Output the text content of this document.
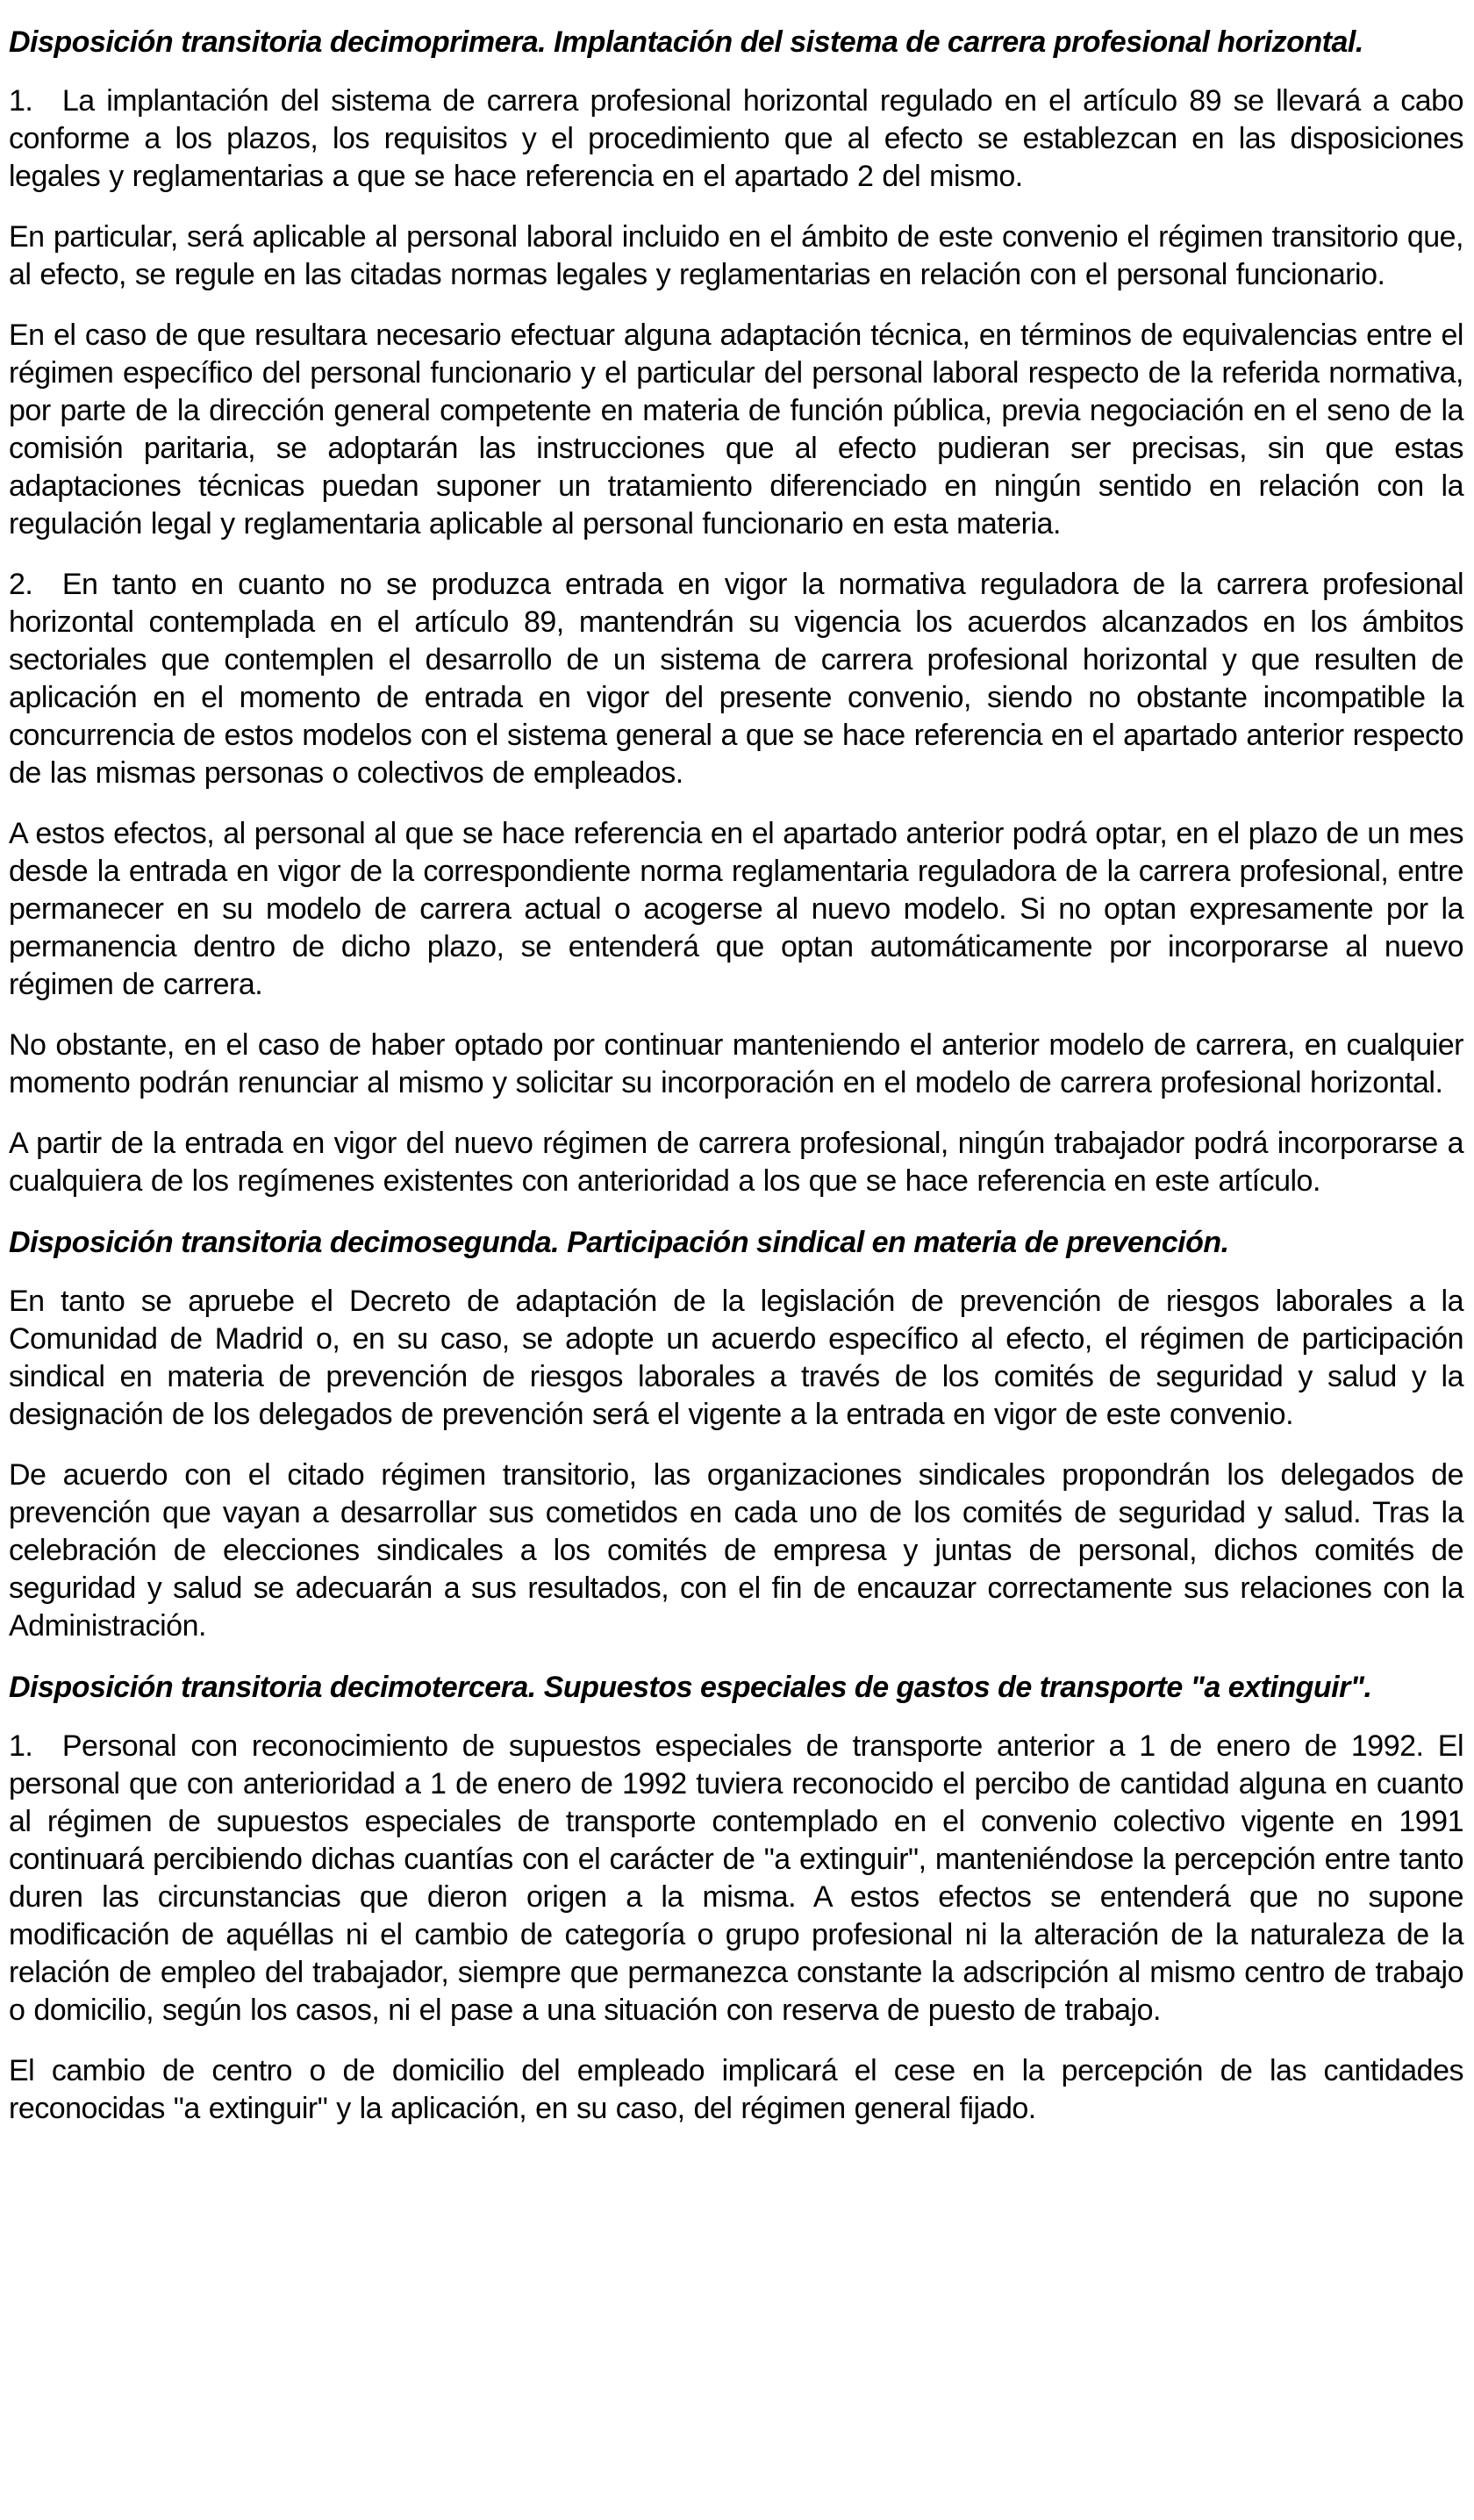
Disposición transitoria decimoprimera. Implantación del sistema de carrera profesional horizontal.

1. La implantación del sistema de carrera profesional horizontal regulado en el artículo 89 se llevará a cabo conforme a los plazos, los requisitos y el procedimiento que al efecto se establezcan en las disposiciones legales y reglamentarias a que se hace referencia en el apartado 2 del mismo.

En particular, será aplicable al personal laboral incluido en el ámbito de este convenio el régimen transitorio que, al efecto, se regule en las citadas normas legales y reglamentarias en relación con el personal funcionario.

En el caso de que resultara necesario efectuar alguna adaptación técnica, en términos de equivalencias entre el régimen específico del personal funcionario y el particular del personal laboral respecto de la referida normativa, por parte de la dirección general competente en materia de función pública, previa negociación en el seno de la comisión paritaria, se adoptarán las instrucciones que al efecto pudieran ser precisas, sin que estas adaptaciones técnicas puedan suponer un tratamiento diferenciado en ningún sentido en relación con la regulación legal y reglamentaria aplicable al personal funcionario en esta materia.

2. En tanto en cuanto no se produzca entrada en vigor la normativa reguladora de la carrera profesional horizontal contemplada en el artículo 89, mantendrán su vigencia los acuerdos alcanzados en los ámbitos sectoriales que contemplen el desarrollo de un sistema de carrera profesional horizontal y que resulten de aplicación en el momento de entrada en vigor del presente convenio, siendo no obstante incompatible la concurrencia de estos modelos con el sistema general a que se hace referencia en el apartado anterior respecto de las mismas personas o colectivos de empleados.

A estos efectos, al personal al que se hace referencia en el apartado anterior podrá optar, en el plazo de un mes desde la entrada en vigor de la correspondiente norma reglamentaria reguladora de la carrera profesional, entre permanecer en su modelo de carrera actual o acogerse al nuevo modelo. Si no optan expresamente por la permanencia dentro de dicho plazo, se entenderá que optan automáticamente por incorporarse al nuevo régimen de carrera.

No obstante, en el caso de haber optado por continuar manteniendo el anterior modelo de carrera, en cualquier momento podrán renunciar al mismo y solicitar su incorporación en el modelo de carrera profesional horizontal.

A partir de la entrada en vigor del nuevo régimen de carrera profesional, ningún trabajador podrá incorporarse a cualquiera de los regímenes existentes con anterioridad a los que se hace referencia en este artículo.

Disposición transitoria decimosegunda. Participación sindical en materia de prevención.

En tanto se apruebe el Decreto de adaptación de la legislación de prevención de riesgos laborales a la Comunidad de Madrid o, en su caso, se adopte un acuerdo específico al efecto, el régimen de participación sindical en materia de prevención de riesgos laborales a través de los comités de seguridad y salud y la designación de los delegados de prevención será el vigente a la entrada en vigor de este convenio.

De acuerdo con el citado régimen transitorio, las organizaciones sindicales propondrán los delegados de prevención que vayan a desarrollar sus cometidos en cada uno de los comités de seguridad y salud. Tras la celebración de elecciones sindicales a los comités de empresa y juntas de personal, dichos comités de seguridad y salud se adecuarán a sus resultados, con el fin de encauzar correctamente sus relaciones con la Administración.

Disposición transitoria decimotercera. Supuestos especiales de gastos de transporte "a extinguir".

1. Personal con reconocimiento de supuestos especiales de transporte anterior a 1 de enero de 1992. El personal que con anterioridad a 1 de enero de 1992 tuviera reconocido el percibo de cantidad alguna en cuanto al régimen de supuestos especiales de transporte contemplado en el convenio colectivo vigente en 1991 continuará percibiendo dichas cuantías con el carácter de "a extinguir", manteniéndose la percepción entre tanto duren las circunstancias que dieron origen a la misma. A estos efectos se entenderá que no supone modificación de aquéllas ni el cambio de categoría o grupo profesional ni la alteración de la naturaleza de la relación de empleo del trabajador, siempre que permanezca constante la adscripción al mismo centro de trabajo o domicilio, según los casos, ni el pase a una situación con reserva de puesto de trabajo.

El cambio de centro o de domicilio del empleado implicará el cese en la percepción de las cantidades reconocidas "a extinguir" y la aplicación, en su caso, del régimen general fijado.
